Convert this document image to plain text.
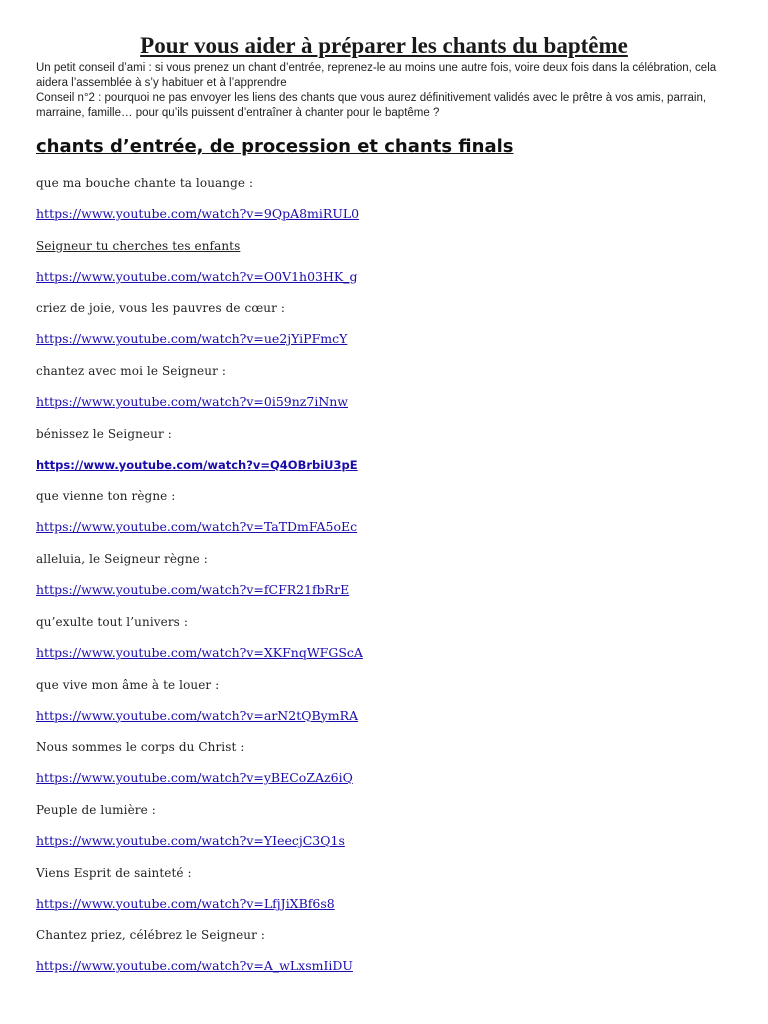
Pour vous aider à préparer les chants du baptême

Un petit conseil d’ami : si vous prenez un chant d’entrée, reprenez-le au moins une autre fois, voire deux fois dans la célébration, cela aidera l’assemblée à s’y habituer et à l’apprendre

Conseil n°2 : pourquoi ne pas envoyer les liens des chants que vous aurez définitivement validés avec le prêtre à vos amis, parrain, marraine, famille… pour qu’ils puissent d’entraîner à chanter pour le baptême ?

chants d’entrée, de procession et chants finals
que ma bouche chante ta louange :
https://www.youtube.com/watch?v=9QpA8miRUL0
Seigneur tu cherches tes enfants
https://www.youtube.com/watch?v=O0V1h03HK_g
criez de joie, vous les pauvres de cœur :
https://www.youtube.com/watch?v=ue2jYiPFmcY
chantez avec moi le Seigneur :
https://www.youtube.com/watch?v=0i59nz7iNnw
bénissez le Seigneur :
https://www.youtube.com/watch?v=Q4OBrbiU3pE
que vienne ton règne :
https://www.youtube.com/watch?v=TaTDmFA5oEc
alleluia, le Seigneur règne :
https://www.youtube.com/watch?v=fCFR21fbRrE
qu’exulte tout l’univers :
https://www.youtube.com/watch?v=XKFnqWFGScA
que vive mon âme à te louer :
https://www.youtube.com/watch?v=arN2tQBymRA
Nous sommes le corps du Christ :
https://www.youtube.com/watch?v=yBECoZAz6iQ
Peuple de lumière :
https://www.youtube.com/watch?v=YIeecjC3Q1s
Viens Esprit de sainteté :
https://www.youtube.com/watch?v=LfjJiXBf6s8
Chantez priez, célébrez le Seigneur :
https://www.youtube.com/watch?v=A_wLxsmIiDU
